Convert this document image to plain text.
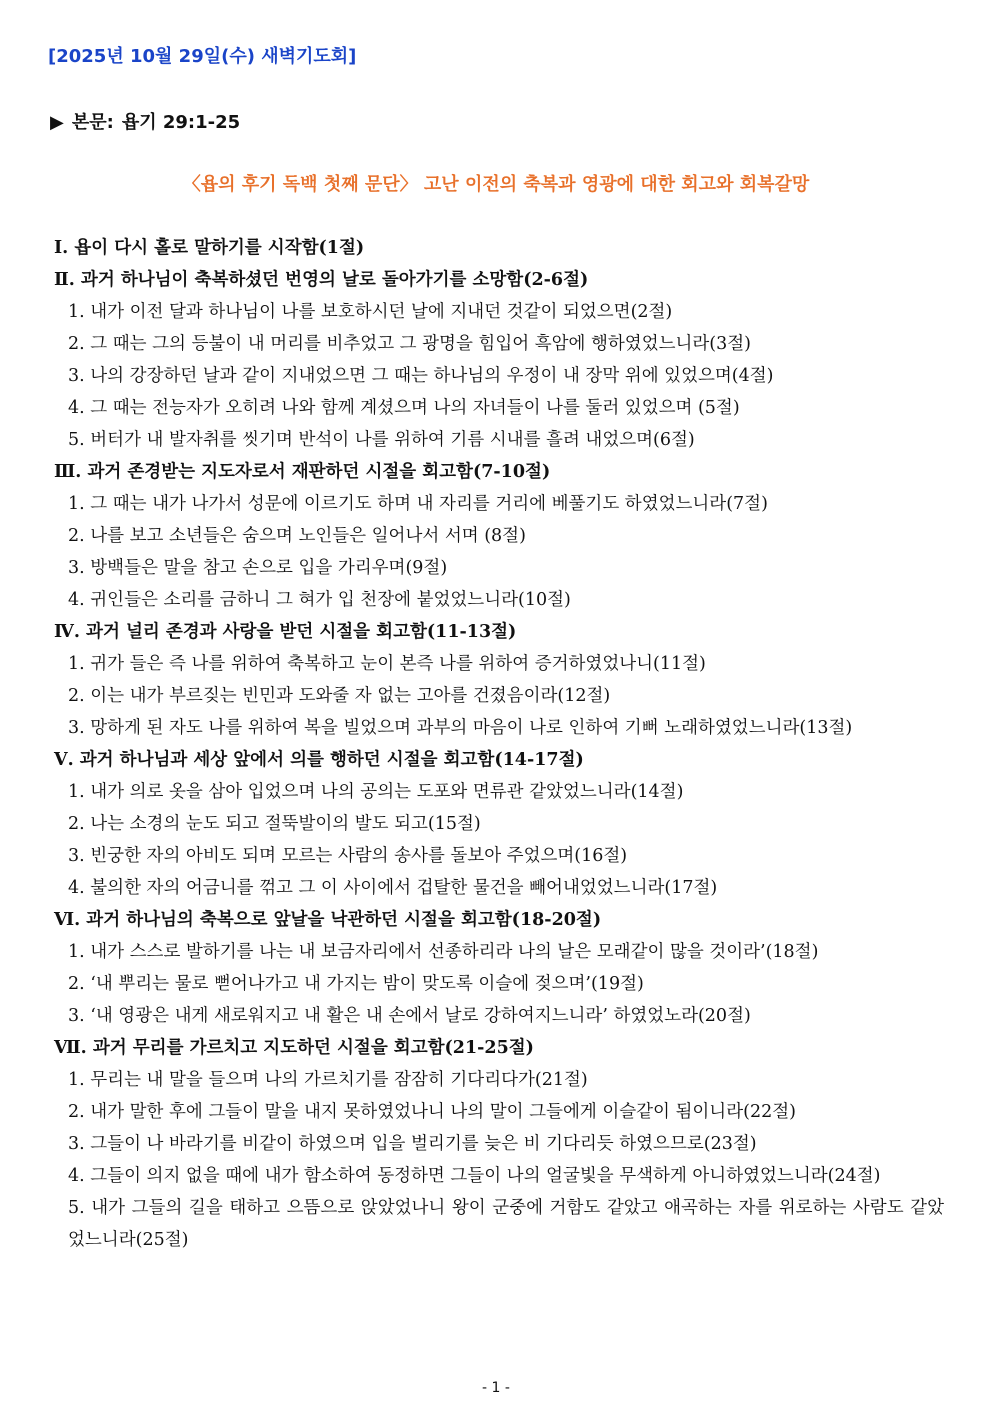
[2025년 10월 29일(수) 새벽기도회]
▶ 본문: 욥기 29:1-25
〈욥의 후기 독백 첫째 문단〉 고난 이전의 축복과 영광에 대한 회고와 회복갈망
Ⅰ. 욥이 다시 홀로 말하기를 시작함(1절)
Ⅱ. 과거 하나님이 축복하셨던 번영의 날로 돌아가기를 소망함(2-6절)
1. 내가 이전 달과 하나님이 나를 보호하시던 날에 지내던 것같이 되었으면(2절)
2. 그 때는 그의 등불이 내 머리를 비추었고 그 광명을 힘입어 흑암에 행하였었느니라(3절)
3. 나의 강장하던 날과 같이 지내었으면 그 때는 하나님의 우정이 내 장막 위에 있었으며(4절)
4. 그 때는 전능자가 오히려 나와 함께 계셨으며 나의 자녀들이 나를 둘러 있었으며 (5절)
5. 버터가 내 발자취를 씻기며 반석이 나를 위하여 기름 시내를 흘려 내었으며(6절)
Ⅲ. 과거 존경받는 지도자로서 재판하던 시절을 회고함(7-10절)
1. 그 때는 내가 나가서 성문에 이르기도 하며 내 자리를 거리에 베풀기도 하였었느니라(7절)
2. 나를 보고 소년들은 숨으며 노인들은 일어나서 서며 (8절)
3. 방백들은 말을 참고 손으로 입을 가리우며(9절)
4. 귀인들은 소리를 금하니 그 혀가 입 천장에 붙었었느니라(10절)
Ⅳ. 과거 널리 존경과 사랑을 받던 시절을 회고함(11-13절)
1. 귀가 들은 즉 나를 위하여 축복하고 눈이 본즉 나를 위하여 증거하였었나니(11절)
2. 이는 내가 부르짖는 빈민과 도와줄 자 없는 고아를 건졌음이라(12절)
3. 망하게 된 자도 나를 위하여 복을 빌었으며 과부의 마음이 나로 인하여 기뻐 노래하였었느니라(13절)
Ⅴ. 과거 하나님과 세상 앞에서 의를 행하던 시절을 회고함(14-17절)
1. 내가 의로 옷을 삼아 입었으며 나의 공의는 도포와 면류관 같았었느니라(14절)
2. 나는 소경의 눈도 되고 절뚝발이의 발도 되고(15절)
3. 빈궁한 자의 아비도 되며 모르는 사람의 송사를 돌보아 주었으며(16절)
4. 불의한 자의 어금니를 꺾고 그 이 사이에서 겁탈한 물건을 빼어내었었느니라(17절)
Ⅵ. 과거 하나님의 축복으로 앞날을 낙관하던 시절을 회고함(18-20절)
1. 내가 스스로 발하기를 나는 내 보금자리에서 선종하리라 나의 날은 모래같이 많을 것이라’(18절)
2. ‘내 뿌리는 물로 뻗어나가고 내 가지는 밤이 맞도록 이슬에 젖으며’(19절)
3. ‘내 영광은 내게 새로워지고 내 활은 내 손에서 날로 강하여지느니라’ 하였었노라(20절)
Ⅶ. 과거 무리를 가르치고 지도하던 시절을 회고함(21-25절)
1. 무리는 내 말을 들으며 나의 가르치기를 잠잠히 기다리다가(21절)
2. 내가 말한 후에 그들이 말을 내지 못하였었나니 나의 말이 그들에게 이슬같이 됨이니라(22절)
3. 그들이 나 바라기를 비같이 하였으며 입을 벌리기를 늦은 비 기다리듯 하였으므로(23절)
4. 그들이 의지 없을 때에 내가 함소하여 동정하면 그들이 나의 얼굴빛을 무색하게 아니하였었느니라(24절)
5. 내가 그들의 길을 태하고 으뜸으로 앉았었나니 왕이 군중에 거함도 같았고 애곡하는 자를 위로하는 사람도 같았었느니라(25절)
- 1 -
